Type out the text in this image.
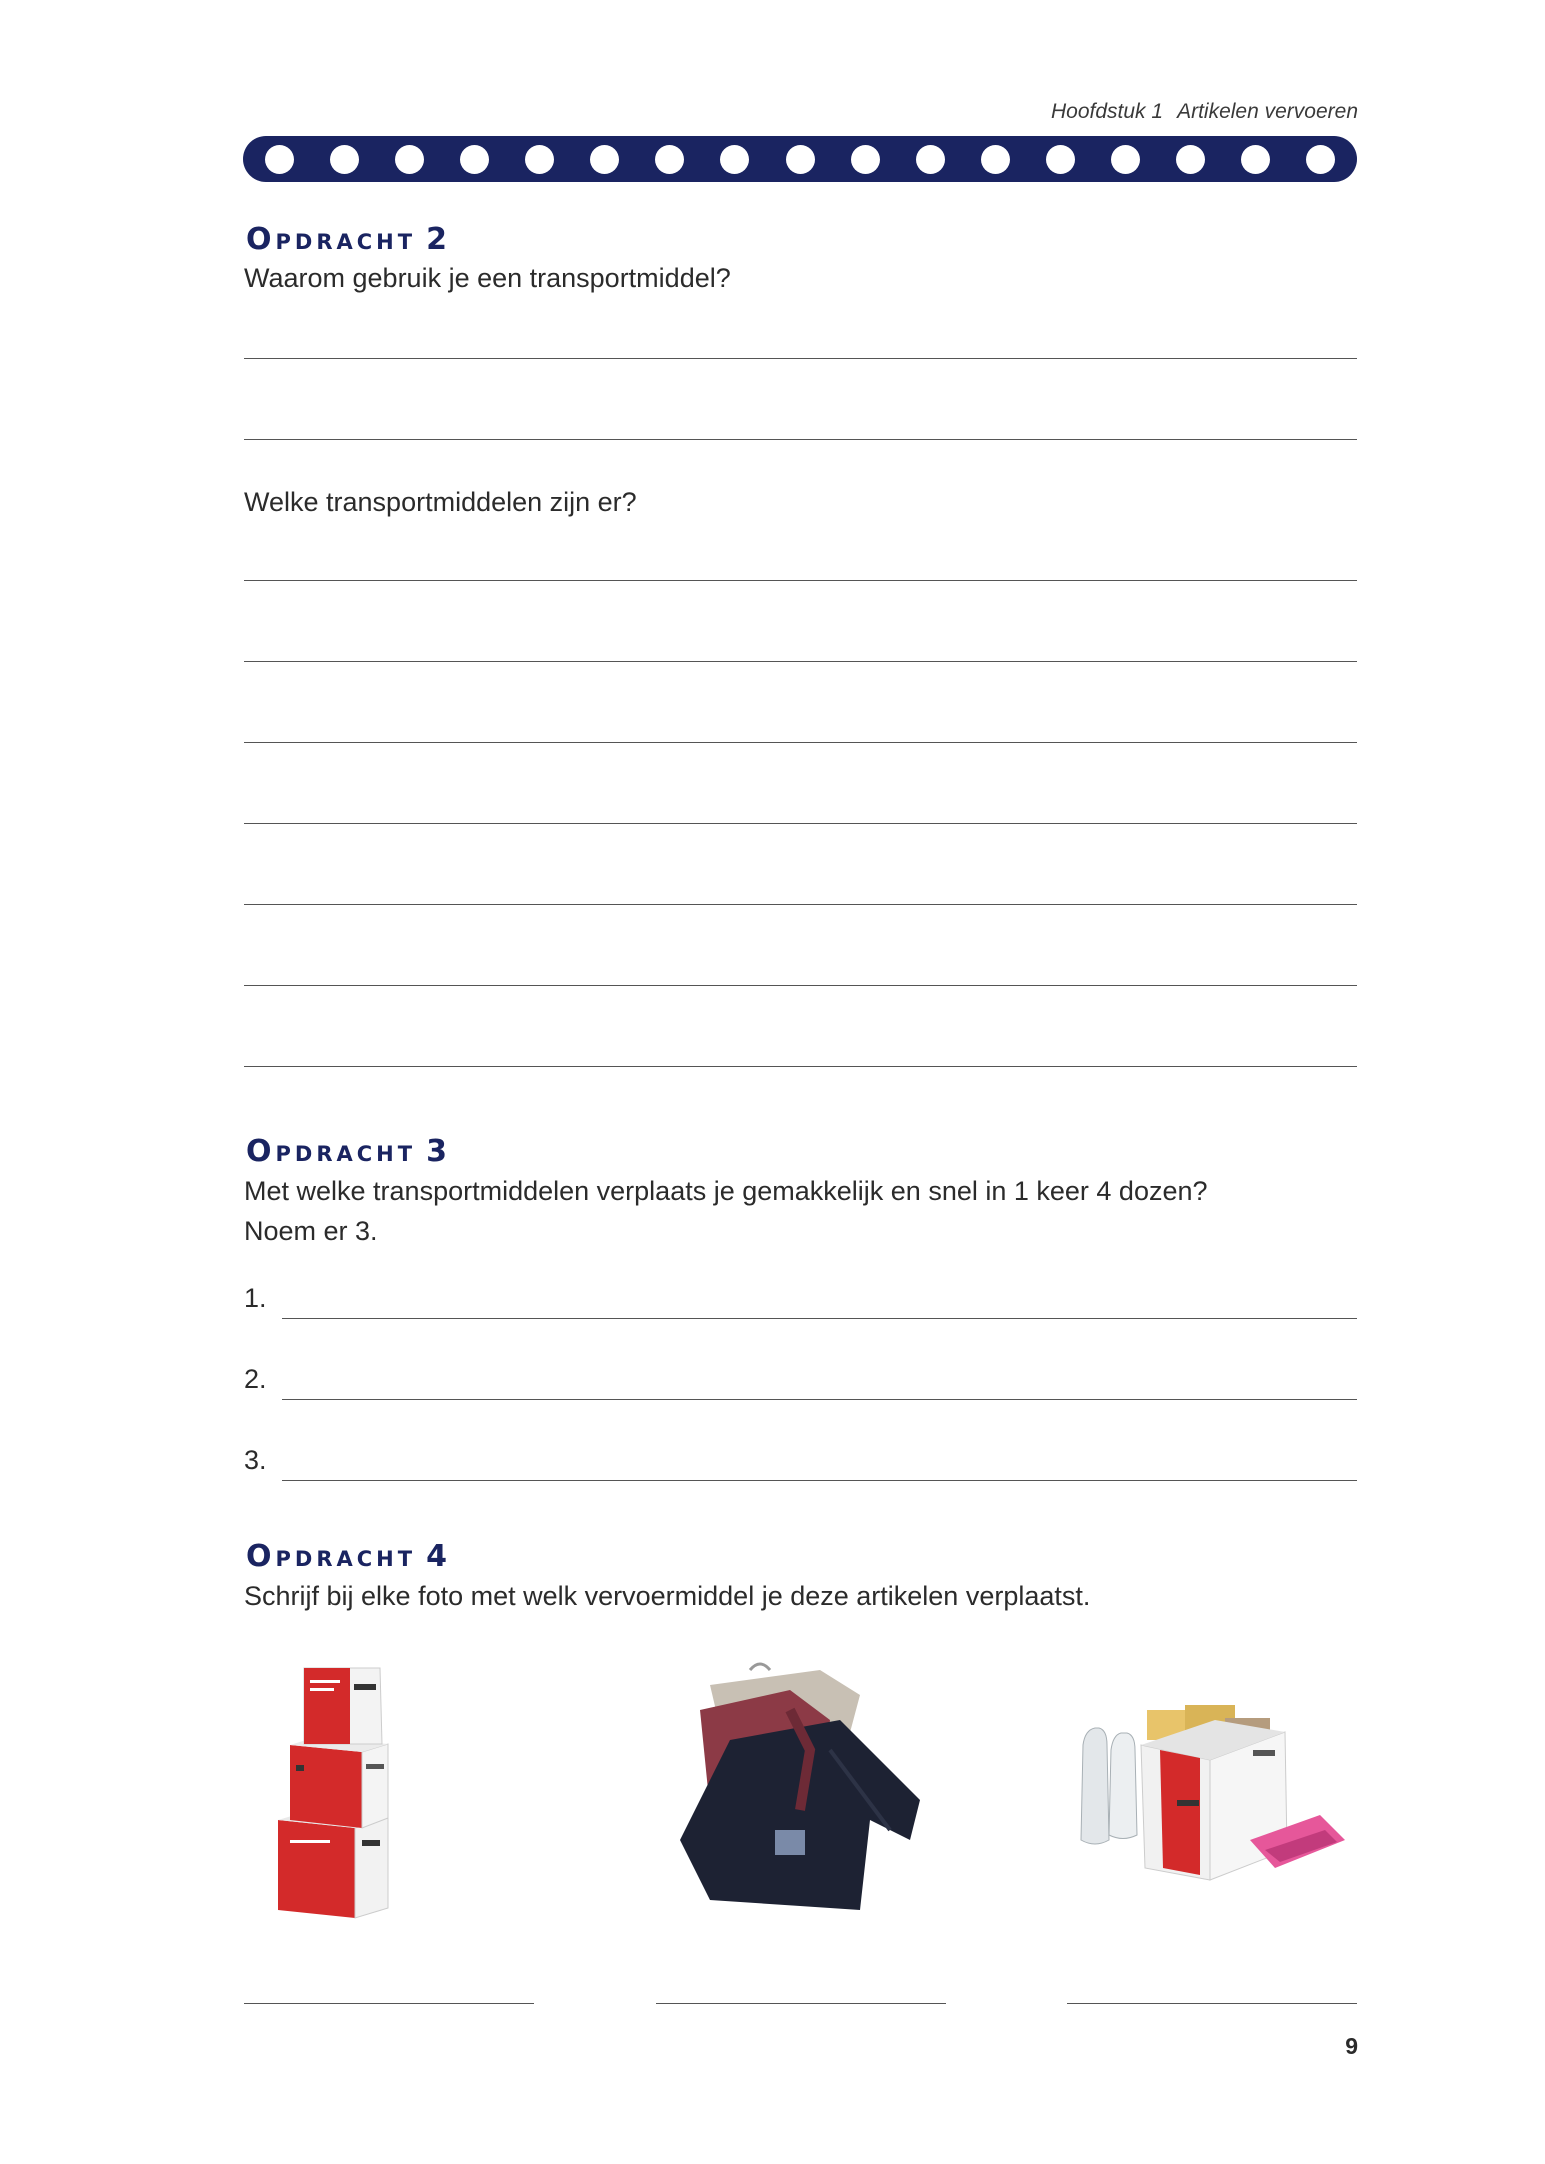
Hoofdstuk 1 Artikelen vervoeren
Opdracht 2
Waarom gebruik je een transportmiddel?
Welke transportmiddelen zijn er?
Opdracht 3
Met welke transportmiddelen verplaats je gemakkelijk en snel in 1 keer 4 dozen?
Noem er 3.
1.
2.
3.
Opdracht 4
Schrijf bij elke foto met welk vervoermiddel je deze artikelen verplaatst.
9
